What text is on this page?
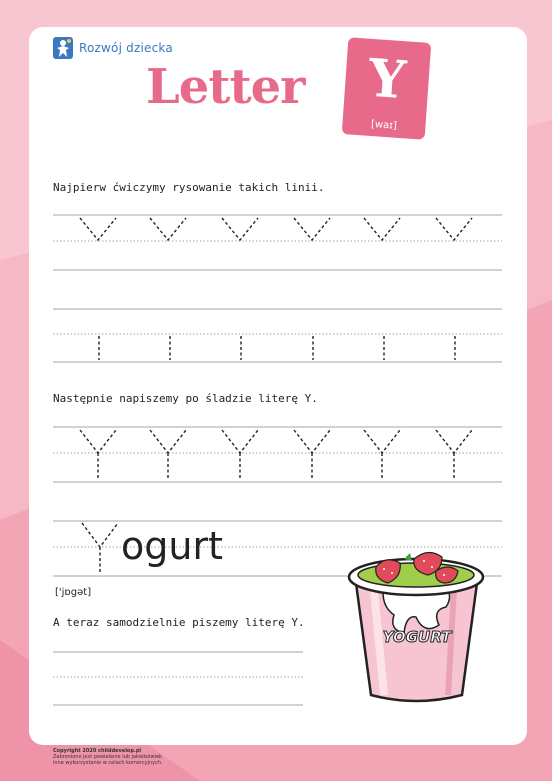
Rozwój dziecka
Letter	Y
[waɪ]
Najpierw ćwiczymy rysowanie takich linii.
Następnie napiszemy po śladzie literę Y.
A teraz samodzielnie piszemy literę Y.
ogurt
['jɒgət]
YOGURT
Copyright 2020 childdevelop.pl
Zabronione jest powielanie lub jakiekolwiek
inne wykorzystanie w celach komercyjnych.
